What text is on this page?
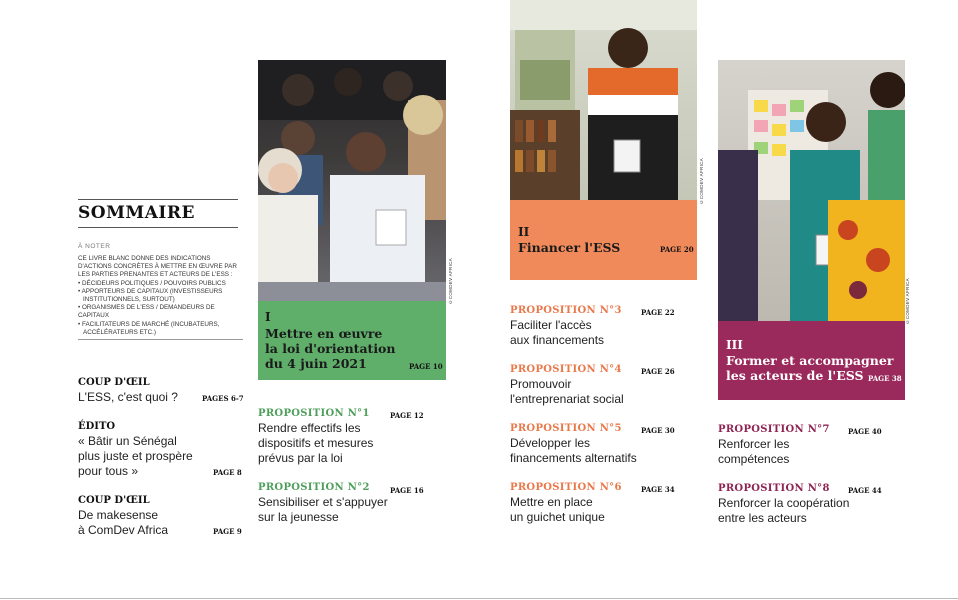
SOMMAIRE
À NOTER
CE LIVRE BLANC DONNE DES INDICATIONS
D'ACTIONS CONCRÈTES À METTRE EN ŒUVRE PAR
LES PARTIES PRENANTES ET ACTEURS DE L'ESS :
• DÉCIDEURS POLITIQUES / POUVOIRS PUBLICS
• APPORTEURS DE CAPITAUX (INVESTISSEURS
INSTITUTIONNELS, SURTOUT)
• ORGANISMES DE L'ESS / DEMANDEURS DE CAPITAUX
• FACILITATEURS DE MARCHÉ (INCUBATEURS,
ACCÉLÉRATEURS ETC.)
COUP D'ŒIL
L'ESS, c'est quoi ?	PAGES 6-7
ÉDITO
« Bâtir un Sénégal
plus juste et prospère
pour tous »	PAGE 8
COUP D'ŒIL
De makesense
à ComDev Africa	PAGE 9
I
Mettre en œuvre
la loi d'orientation
du 4 juin 2021	PAGE 10
©COMDEV AFRICA
PROPOSITION N°1	PAGE 12
Rendre effectifs les
dispositifs et mesures
prévus par la loi
PROPOSITION N°2	PAGE 16
Sensibiliser et s'appuyer
sur la jeunesse
II
Financer l'ESS	PAGE 20
©COMDEV AFRICA
PROPOSITION N°3	PAGE 22
Faciliter l'accès
aux financements
PROPOSITION N°4	PAGE 26
Promouvoir
l'entreprenariat social
PROPOSITION N°5	PAGE 30
Développer les
financements alternatifs
PROPOSITION N°6	PAGE 34
Mettre en place
un guichet unique
III
Former et accompagner
les acteurs de l'ESS PAGE 38
©COMDEV AFRICA
PROPOSITION N°7	PAGE 40
Renforcer les
compétences
PROPOSITION N°8	PAGE 44
Renforcer la coopération
entre les acteurs
